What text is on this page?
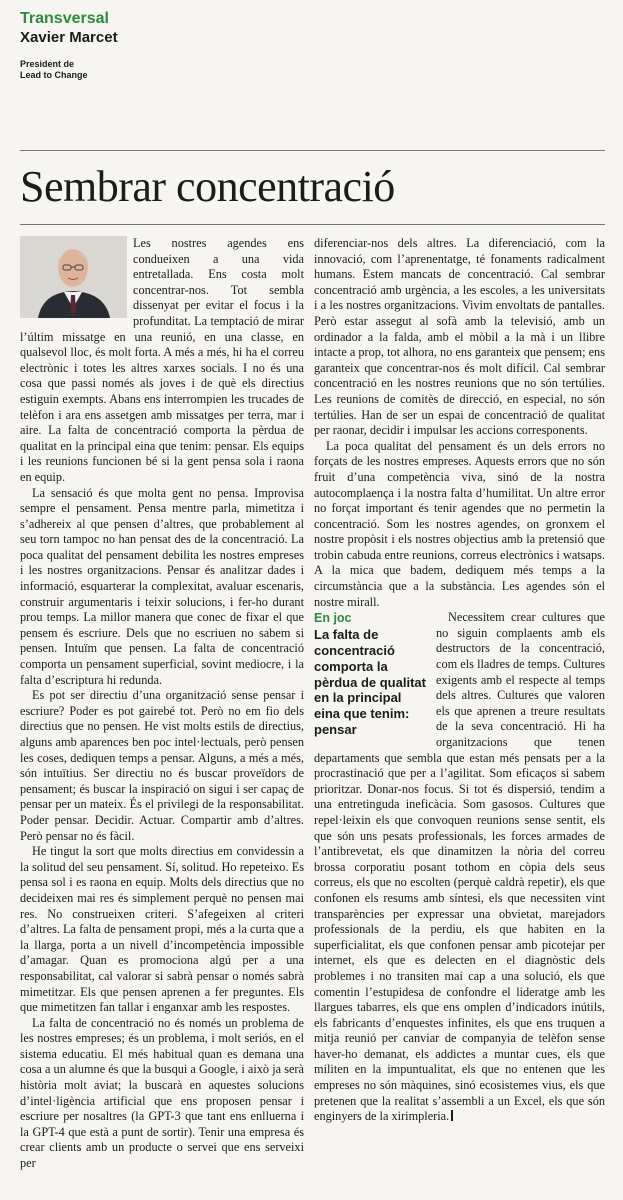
Transversal
Xavier Marcet
President de
Lead to Change
Sembrar concentració

Les nostres agendes ens condueixen a una vida entretallada. Ens costa molt concentrar-nos. Tot sembla dissenyat per evitar el focus i la profunditat. La temptació de mirar l’últim missatge en una reunió, en una classe, en qualsevol lloc, és molt forta. A més a més, hi ha el correu electrònic i totes les altres xarxes socials. I no és una cosa que passi només als joves i de què els directius estiguin exempts. Abans ens interrompien les trucades de telèfon i ara ens assetgen amb missatges per terra, mar i aire. La falta de concentració comporta la pèrdua de qualitat en la principal eina que tenim: pensar. Els equips i les reunions funcionen bé si la gent pensa sola i raona en equip.

La sensació és que molta gent no pensa. Improvisa sempre el pensament. Pensa mentre parla, mimetitza i s’adhereix al que pensen d’altres, que probablement al seu torn tampoc no han pensat des de la concentració. La poca qualitat del pensament debilita les nostres empreses i les nostres organitzacions. Pensar és analitzar dades i informació, esquarterar la complexitat, avaluar escenaris, construir argumentaris i teixir solucions, i fer-ho durant prou temps. La millor manera que conec de fixar el que pensem és escriure. Dels que no escriuen no sabem si pensen. Intuïm que pensen. La falta de concentració comporta un pensament superficial, sovint mediocre, i la falta d’escriptura hi redunda.

Es pot ser directiu d’una organització sense pensar i escriure? Poder es pot gairebé tot. Però no em fio dels directius que no pensen. He vist molts estils de directius, alguns amb aparences ben poc intel·lectuals, però pensen les coses, dediquen temps a pensar. Alguns, a més a més, són intuïtius. Ser directiu no és buscar proveïdors de pensament; és buscar la inspiració on sigui i ser capaç de pensar per un mateix. És el privilegi de la responsabilitat. Poder pensar. Decidir. Actuar. Compartir amb d’altres. Però pensar no és fàcil.

He tingut la sort que molts directius em convidessin a la solitud del seu pensament. Sí, solitud. Ho repeteixo. Es pensa sol i es raona en equip. Molts dels directius que no decideixen mai res és simplement perquè no pensen mai res. No construeixen criteri. S’afegeixen al criteri d’altres. La falta de pensament propi, més a la curta que a la llarga, porta a un nivell d’incompetència impossible d’amagar. Quan es promociona algú per a una responsabilitat, cal valorar si sabrà pensar o només sabrà mimetitzar. Els que pensen aprenen a fer preguntes. Els que mimetitzen fan tallar i enganxar amb les respostes.

La falta de concentració no és només un problema de les nostres empreses; és un problema, i molt seriós, en el sistema educatiu. El més habitual quan es demana una cosa a un alumne és que la busqui a Google, i això ja serà història molt aviat; la buscarà en aquestes solucions d’intel·ligència artificial que ens proposen pensar i escriure per nosaltres (la GPT-3 que tant ens enlluerna i la GPT-4 que està a punt de sortir). Tenir una empresa és crear clients amb un producte o servei que ens serveixi per

diferenciar-nos dels altres. La diferenciació, com la innovació, com l’aprenentatge, té fonaments radicalment humans. Estem mancats de concentració. Cal sembrar concentració amb urgència, a les escoles, a les universitats i a les nostres organitzacions. Vivim envoltats de pantalles. Però estar assegut al sofà amb la televisió, amb un ordinador a la falda, amb el mòbil a la mà i un llibre intacte a prop, tot alhora, no ens garanteix que pensem; ens garanteix que concentrar-nos és molt difícil. Cal sembrar concentració en les nostres reunions que no són tertúlies. Les reunions de comitès de direcció, en especial, no són tertúlies. Han de ser un espai de concentració de qualitat per raonar, decidir i impulsar les accions corresponents.

La poca qualitat del pensament és un dels errors no forçats de les nostres empreses. Aquests errors que no són fruit d’una competència viva, sinó de la nostra autocomplaença i la nostra falta d’humilitat. Un altre error no forçat important és tenir agendes que no permetin la concentració. Som les nostres agendes, on gronxem el nostre propòsit i els nostres objectius amb la pretensió que trobin cabuda entre reunions, correus electrònics i watsaps. A la mica que badem, dediquem més temps a la circumstància que a la substància. Les agendes són el nostre mirall.

En joc
La falta de concentració comporta la pèrdua de qualitat en la principal eina que tenim: pensar

Necessitem crear cultures que no siguin complaents amb els destructors de la concentració, com els lladres de temps. Cultures exigents amb el respecte al temps dels altres. Cultures que valoren els que aprenen a treure resultats de la seva concentració. Hi ha organitzacions que tenen departaments que sembla que estan més pensats per a la procrastinació que per a l’agilitat. Som eficaços si sabem prioritzar. Donar-nos focus. Si tot és dispersió, tendim a una entretinguda ineficàcia. Som gasosos. Cultures que repel·leixin els que convoquen reunions sense sentit, els que són uns pesats professionals, les forces armades de l’antibrevetat, els que dinamitzen la nòria del correu brossa corporatiu posant tothom en còpia dels seus correus, els que no escolten (perquè caldrà repetir), els que confonen els resums amb síntesi, els que necessiten vint transparències per expressar una obvietat, marejadors professionals de la perdiu, els que habiten en la superficialitat, els que confonen pensar amb picotejar per internet, els que es delecten en el diagnòstic dels problemes i no transiten mai cap a una solució, els que comentin l’estupidesa de confondre el lideratge amb les llargues tabarres, els que ens omplen d’indicadors inútils, els fabricants d’enquestes infinites, els que ens truquen a mitja reunió per canviar de companyia de telèfon sense haver-ho demanat, els addictes a muntar cues, els que militen en la impuntualitat, els que no entenen que les empreses no són màquines, sinó ecosistemes vius, els que pretenen que la realitat s’assembli a un Excel, els que són enginyers de la xirimpleria.
